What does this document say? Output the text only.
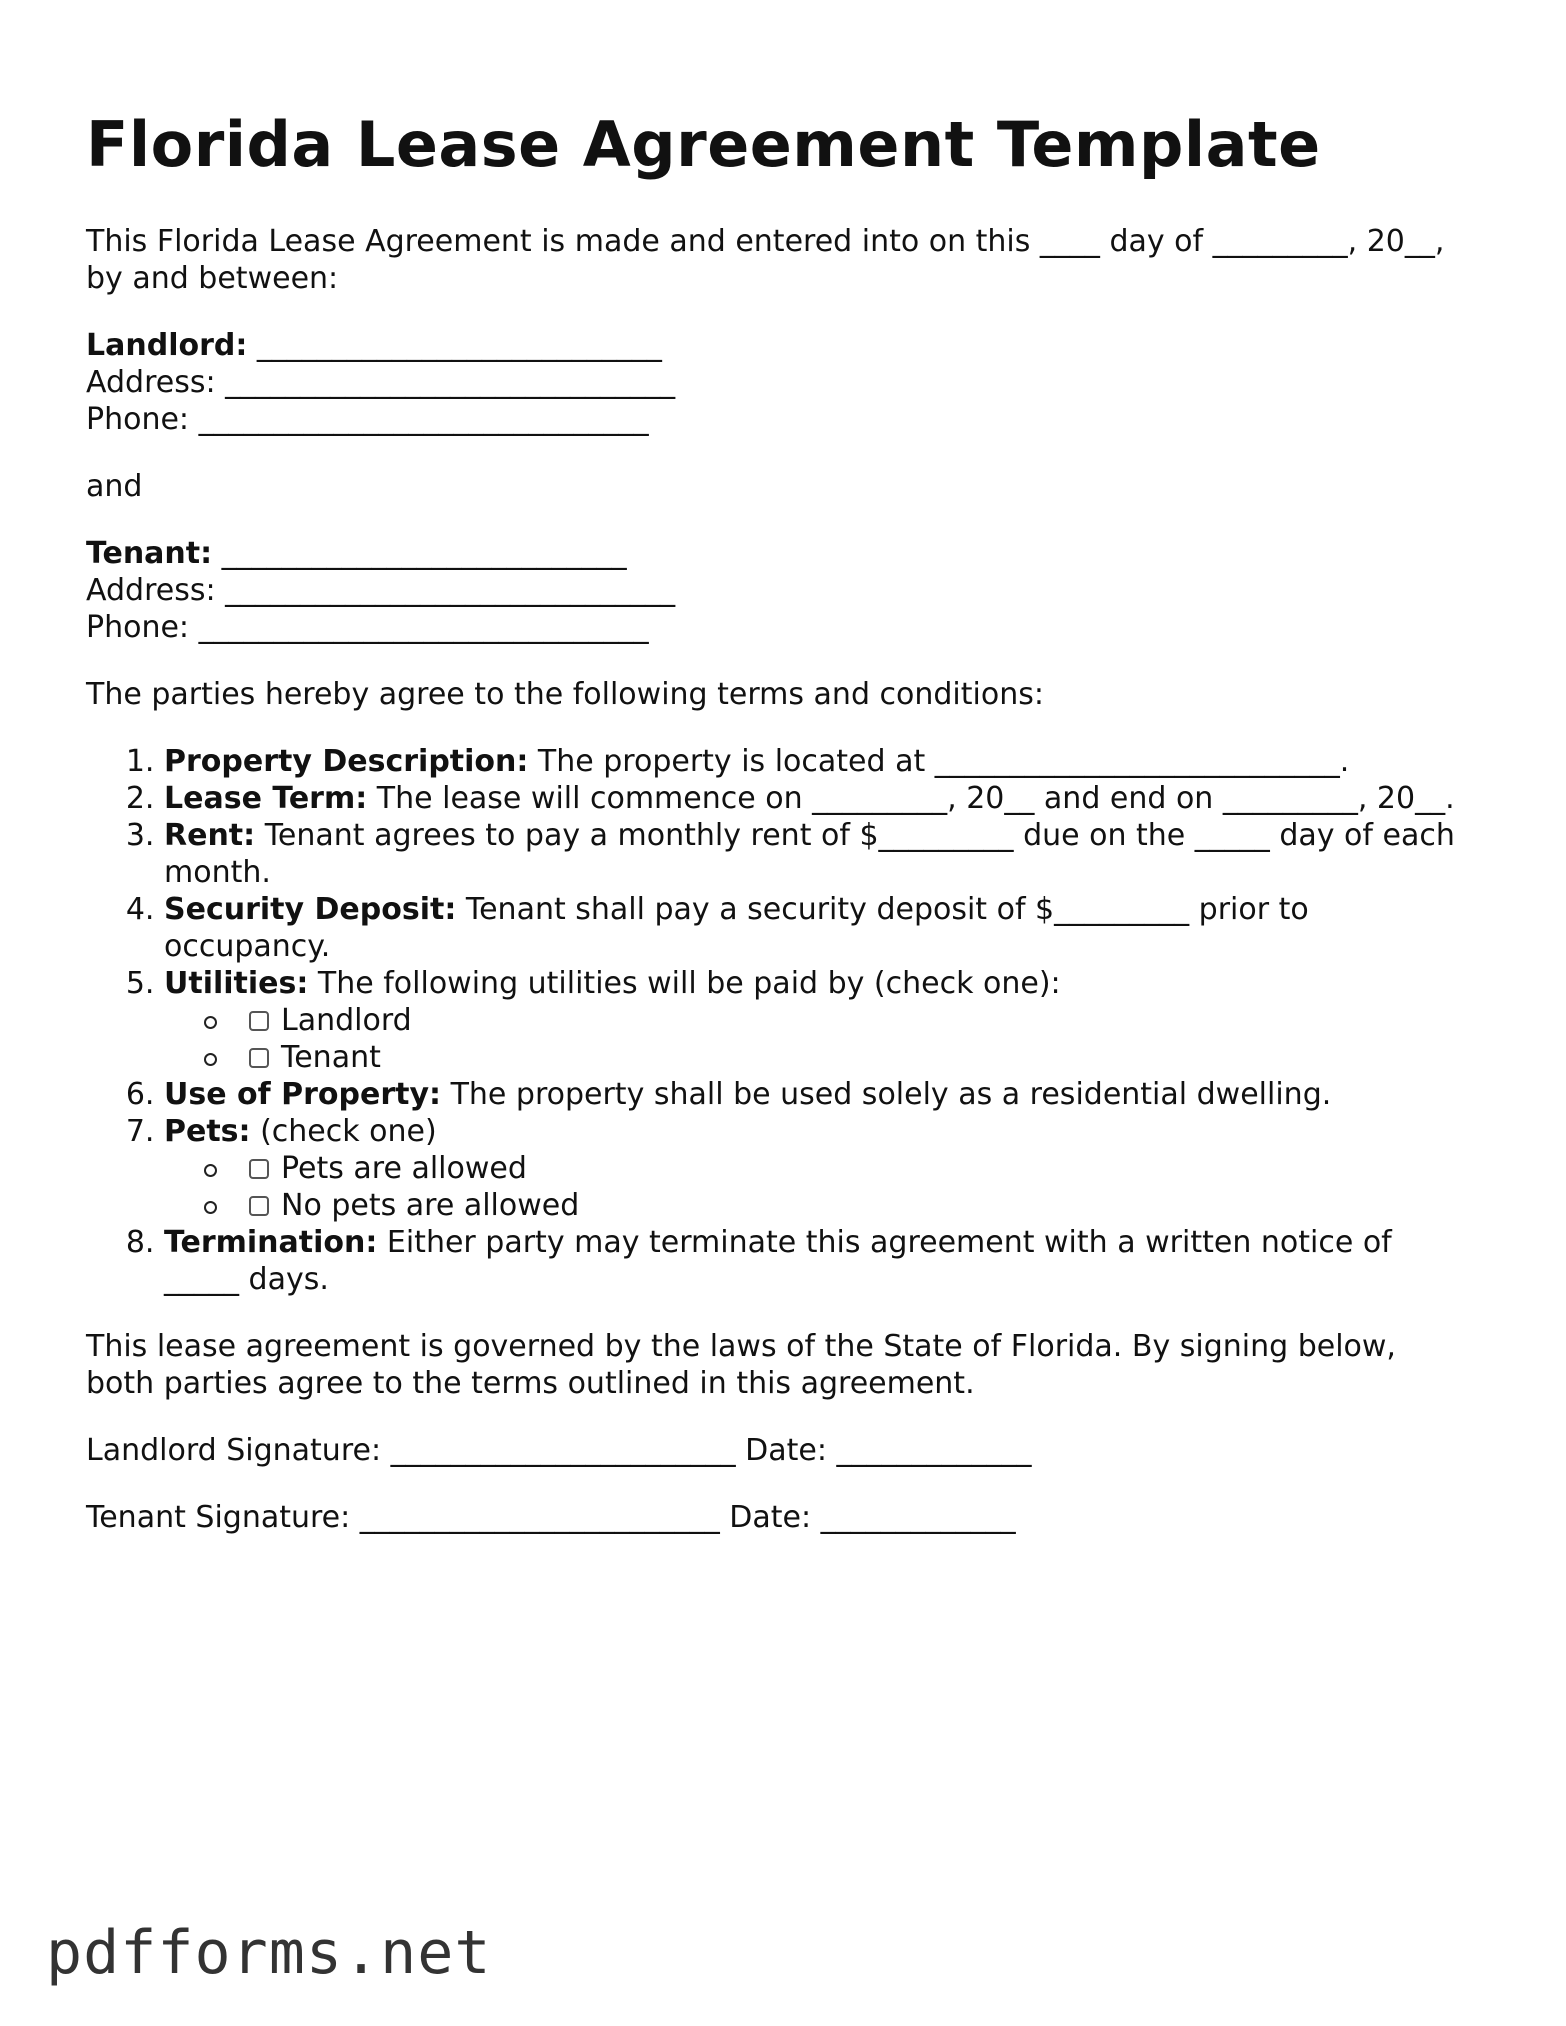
Florida Lease Agreement Template

This Florida Lease Agreement is made and entered into on this ____ day of _________, 20__, by and between:

Landlord: ___________________________
Address: ______________________________
Phone: ______________________________

and

Tenant: ___________________________
Address: ______________________________
Phone: ______________________________

The parties hereby agree to the following terms and conditions:

1. Property Description: The property is located at ___________________________.
2. Lease Term: The lease will commence on _________, 20__ and end on _________, 20__.
3. Rent: Tenant agrees to pay a monthly rent of $_________ due on the _____ day of each month.
4. Security Deposit: Tenant shall pay a security deposit of $_________ prior to occupancy.
5. Utilities: The following utilities will be paid by (check one):
Landlord
Tenant
6. Use of Property: The property shall be used solely as a residential dwelling.
7. Pets: (check one)
Pets are allowed
No pets are allowed
8. Termination: Either party may terminate this agreement with a written notice of _____ days.

This lease agreement is governed by the laws of the State of Florida. By signing below, both parties agree to the terms outlined in this agreement.

Landlord Signature: _______________________ Date: _____________

Tenant Signature: ________________________ Date: _____________

pdfforms.net
